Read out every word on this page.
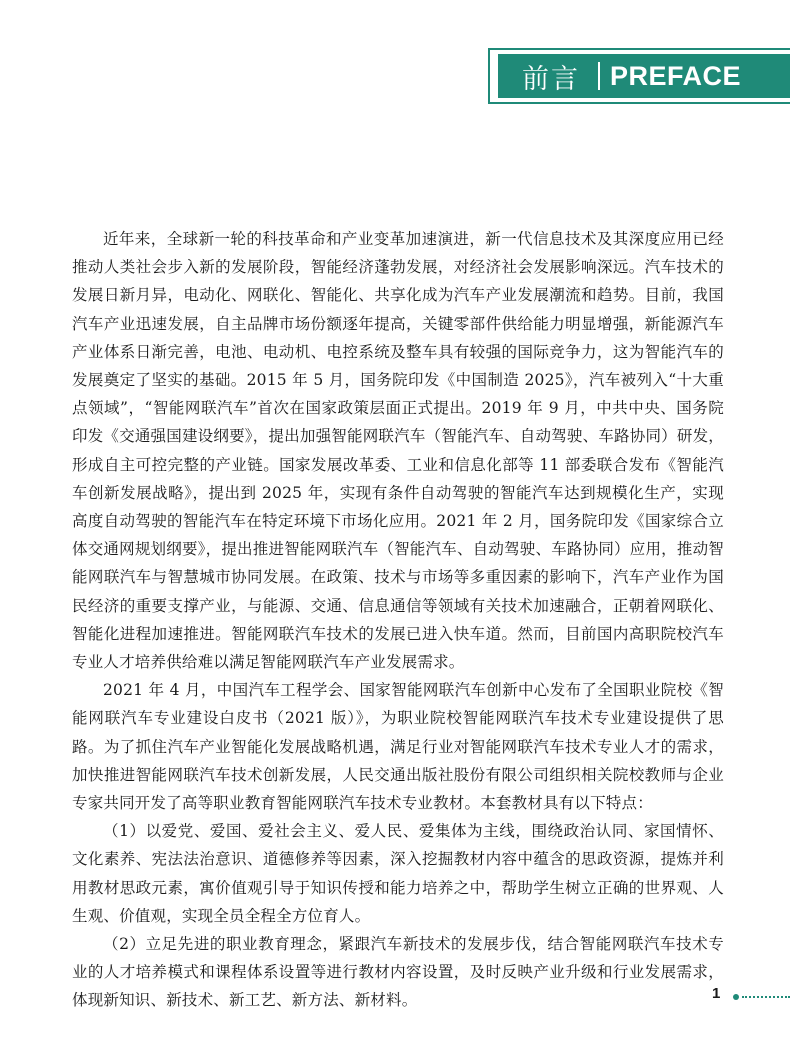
前言 PREFACE

近年来，全球新一轮的科技革命和产业变革加速演进，新一代信息技术及其深度应用已经推动人类社会步入新的发展阶段，智能经济蓬勃发展，对经济社会发展影响深远。汽车技术的发展日新月异，电动化、网联化、智能化、共享化成为汽车产业发展潮流和趋势。目前，我国汽车产业迅速发展，自主品牌市场份额逐年提高，关键零部件供给能力明显增强，新能源汽车产业体系日渐完善，电池、电动机、电控系统及整车具有较强的国际竞争力，这为智能汽车的发展奠定了坚实的基础。2015 年 5 月，国务院印发《中国制造 2025》，汽车被列入“十大重点领域”，“智能网联汽车”首次在国家政策层面正式提出。2019 年 9 月，中共中央、国务院印发《交通强国建设纲要》，提出加强智能网联汽车（智能汽车、自动驾驶、车路协同）研发，形成自主可控完整的产业链。国家发展改革委、工业和信息化部等 11 部委联合发布《智能汽车创新发展战略》，提出到 2025 年，实现有条件自动驾驶的智能汽车达到规模化生产，实现高度自动驾驶的智能汽车在特定环境下市场化应用。2021 年 2 月，国务院印发《国家综合立体交通网规划纲要》，提出推进智能网联汽车（智能汽车、自动驾驶、车路协同）应用，推动智能网联汽车与智慧城市协同发展。在政策、技术与市场等多重因素的影响下，汽车产业作为国民经济的重要支撑产业，与能源、交通、信息通信等领域有关技术加速融合，正朝着网联化、智能化进程加速推进。智能网联汽车技术的发展已进入快车道。然而，目前国内高职院校汽车专业人才培养供给难以满足智能网联汽车产业发展需求。

2021 年 4 月，中国汽车工程学会、国家智能网联汽车创新中心发布了全国职业院校《智能网联汽车专业建设白皮书（2021 版）》，为职业院校智能网联汽车技术专业建设提供了思路。为了抓住汽车产业智能化发展战略机遇，满足行业对智能网联汽车技术专业人才的需求，加快推进智能网联汽车技术创新发展，人民交通出版社股份有限公司组织相关院校教师与企业专家共同开发了高等职业教育智能网联汽车技术专业教材。本套教材具有以下特点：

（1）以爱党、爱国、爱社会主义、爱人民、爱集体为主线，围绕政治认同、家国情怀、文化素养、宪法法治意识、道德修养等因素，深入挖掘教材内容中蕴含的思政资源，提炼并利用教材思政元素，寓价值观引导于知识传授和能力培养之中，帮助学生树立正确的世界观、人生观、价值观，实现全员全程全方位育人。

（2）立足先进的职业教育理念，紧跟汽车新技术的发展步伐，结合智能网联汽车技术专业的人才培养模式和课程体系设置等进行教材内容设置，及时反映产业升级和行业发展需求，体现新知识、新技术、新工艺、新方法、新材料。	1
